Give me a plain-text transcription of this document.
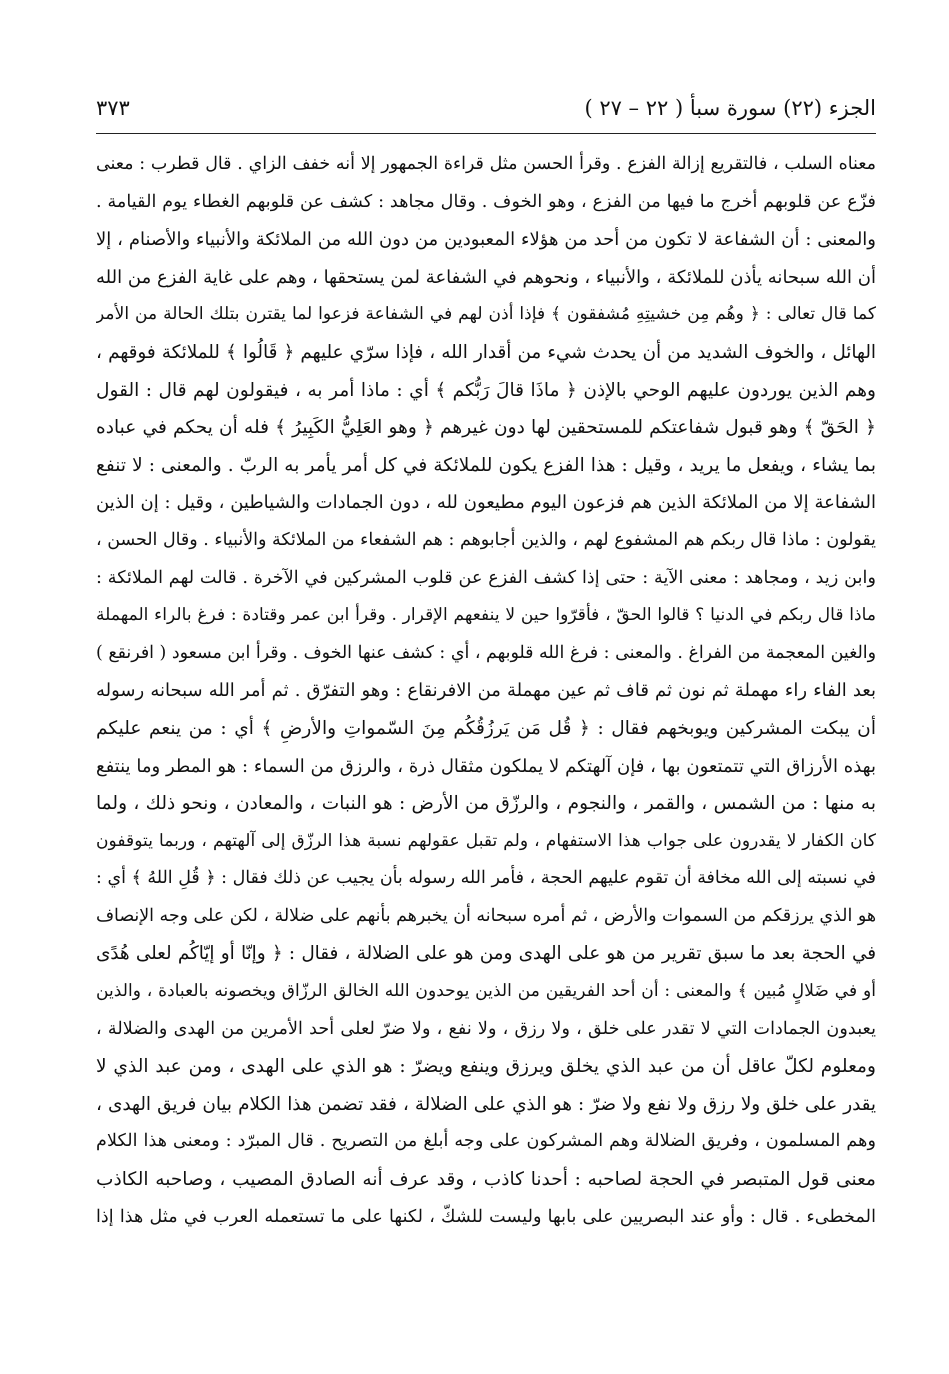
الجزء (٢٢) سورة سبأ ( ٢٢ – ٢٧ )
٣٧٣
معناه السلب ، فالتقريع إزالة الفزع . وقرأ الحسن مثل قراءة الجمهور إلا أنه خفف الزاي . قال قطرب : معنى
فزّع عن قلوبهم أخرج ما فيها من الفزع ، وهو الخوف . وقال مجاهد : كشف عن قلوبهم الغطاء يوم القيامة .
والمعنى : أن الشفاعة لا تكون من أحد من هؤلاء المعبودين من دون الله من الملائكة والأنبياء والأصنام ، إلا
أن الله سبحانه يأذن للملائكة ، والأنبياء ، ونحوهم في الشفاعة لمن يستحقها ، وهم على غاية الفزع من الله
كما قال تعالى : ﴿ وهُم مِن خشيتِهِ مُشفقون ﴾ فإذا أذن لهم في الشفاعة فزعوا لما يقترن بتلك الحالة من الأمر
الهائل ، والخوف الشديد من أن يحدث شيء من أقدار الله ، فإذا سرّي عليهم ﴿ قَالُوا ﴾ للملائكة فوقهم ،
وهم الذين يوردون عليهم الوحي بالإذن ﴿ ماذَا قالَ رَبُّكم ﴾ أي : ماذا أمر به ، فيقولون لهم قال : القول
﴿ الحَقّ ﴾ وهو قبول شفاعتكم للمستحقين لها دون غيرهم ﴿ وهو العَلِيُّ الكَبِيرُ ﴾ فله أن يحكم في عباده
بما يشاء ، ويفعل ما يريد ، وقيل : هذا الفزع يكون للملائكة في كل أمر يأمر به الربّ . والمعنى : لا تنفع
الشفاعة إلا من الملائكة الذين هم فزعون اليوم مطيعون لله ، دون الجمادات والشياطين ، وقيل : إن الذين
يقولون : ماذا قال ربكم هم المشفوع لهم ، والذين أجابوهم : هم الشفعاء من الملائكة والأنبياء . وقال الحسن ،
وابن زيد ، ومجاهد : معنى الآية : حتى إذا كشف الفزع عن قلوب المشركين في الآخرة . قالت لهم الملائكة :
ماذا قال ربكم في الدنيا ؟ قالوا الحقّ ، فأقرّوا حين لا ينفعهم الإقرار . وقرأ ابن عمر وقتادة : فرغ بالراء المهملة
والغين المعجمة من الفراغ . والمعنى : فرغ الله قلوبهم ، أي : كشف عنها الخوف . وقرأ ابن مسعود ( افرنقع )
بعد الفاء راء مهملة ثم نون ثم قاف ثم عين مهملة من الافرنقاع : وهو التفرّق . ثم أمر الله سبحانه رسوله
أن يبكت المشركين ويوبخهم فقال : ﴿ قُل مَن يَرزُقُكُم مِنَ السّمواتِ والأرضِ ﴾ أي : من ينعم عليكم
بهذه الأرزاق التي تتمتعون بها ، فإن آلهتكم لا يملكون مثقال ذرة ، والرزق من السماء : هو المطر وما ينتفع
به منها : من الشمس ، والقمر ، والنجوم ، والرزّق من الأرض : هو النبات ، والمعادن ، ونحو ذلك ، ولما
كان الكفار لا يقدرون على جواب هذا الاستفهام ، ولم تقبل عقولهم نسبة هذا الرزّق إلى آلهتهم ، وربما يتوقفون
في نسبته إلى الله مخافة أن تقوم عليهم الحجة ، فأمر الله رسوله بأن يجيب عن ذلك فقال : ﴿ قُلِ اللهُ ﴾ أي :
هو الذي يرزقكم من السموات والأرض ، ثم أمره سبحانه أن يخبرهم بأنهم على ضلالة ، لكن على وجه الإنصاف
في الحجة بعد ما سبق تقرير من هو على الهدى ومن هو على الضلالة ، فقال : ﴿ وإنّا أو إيّاكُم لعلى هُدًى
أو في ضَلالٍ مُبين ﴾ والمعنى : أن أحد الفريقين من الذين يوحدون الله الخالق الرزّاق ويخصونه بالعبادة ، والذين
يعبدون الجمادات التي لا تقدر على خلق ، ولا رزق ، ولا نفع ، ولا ضرّ لعلى أحد الأمرين من الهدى والضلالة ،
ومعلوم لكلّ عاقل أن من عبد الذي يخلق ويرزق وينفع ويضرّ : هو الذي على الهدى ، ومن عبد الذي لا
يقدر على خلق ولا رزق ولا نفع ولا ضرّ : هو الذي على الضلالة ، فقد تضمن هذا الكلام بيان فريق الهدى ،
وهم المسلمون ، وفريق الضلالة وهم المشركون على وجه أبلغ من التصريح . قال المبرّد : ومعنى هذا الكلام
معنى قول المتبصر في الحجة لصاحبه : أحدنا كاذب ، وقد عرف أنه الصادق المصيب ، وصاحبه الكاذب
المخطىء . قال : وأو عند البصريين على بابها وليست للشكّ ، لكنها على ما تستعمله العرب في مثل هذا إذا
